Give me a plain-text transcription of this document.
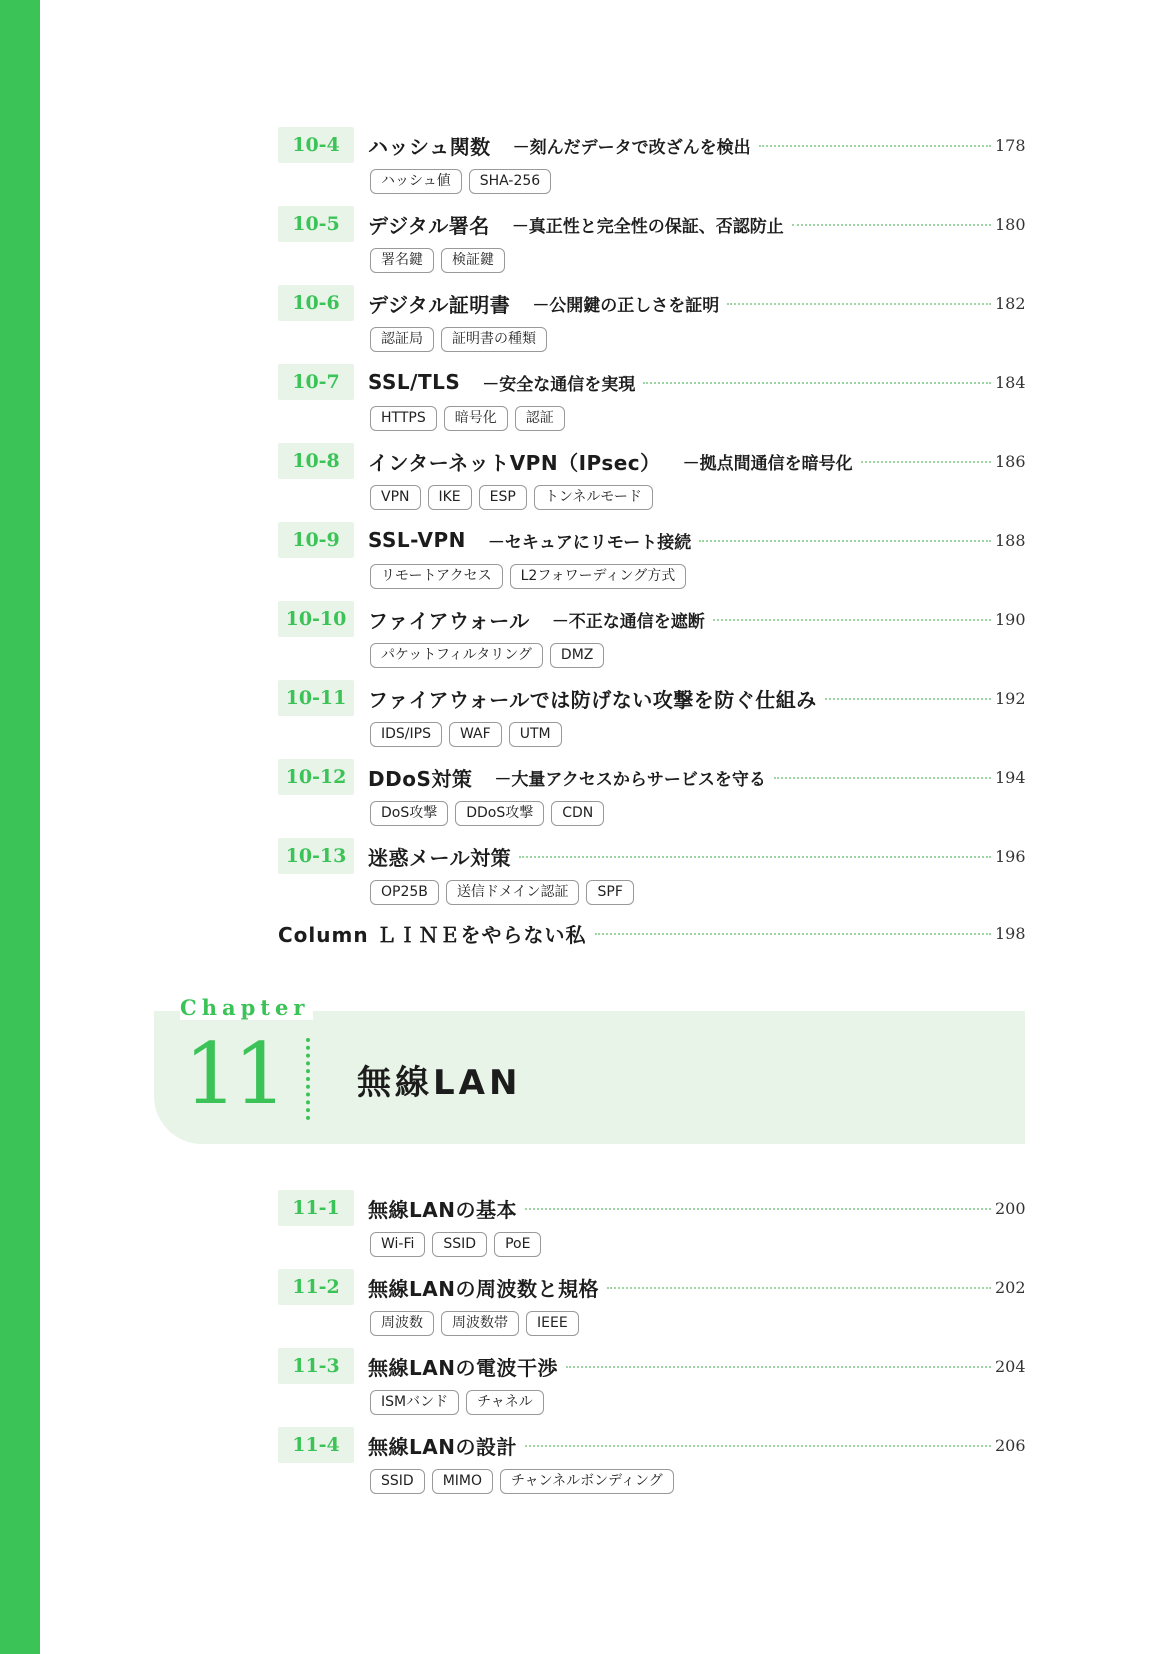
10-4	ハッシュ関数 －刻んだデータで改ざんを検出	178
ハッシュ値	SHA-256
10-5	デジタル署名 －真正性と完全性の保証、否認防止	180
署名鍵	検証鍵
10-6	デジタル証明書 －公開鍵の正しさを証明	182
認証局	証明書の種類
10-7	SSL/TLS －安全な通信を実現	184
HTTPS	暗号化	認証
10-8	インターネットVPN（IPsec） －拠点間通信を暗号化	186
VPN	IKE	ESP	トンネルモード
10-9	SSL-VPN －セキュアにリモート接続	188
リモートアクセス	L2フォワーディング方式
10-10	ファイアウォール －不正な通信を遮断	190
パケットフィルタリング	DMZ
10-11	ファイアウォールでは防げない攻撃を防ぐ仕組み	192
IDS/IPS	WAF	UTM
10-12	DDoS対策 －大量アクセスからサービスを守る	194
DoS攻撃	DDoS攻撃	CDN
10-13	迷惑メール対策	196
OP25B	送信ドメイン認証	SPF
Column ＬＩＮＥをやらない私	198
Chapter
11 無線LAN
11-1	無線LANの基本	200
Wi-Fi	SSID	PoE
11-2	無線LANの周波数と規格	202
周波数	周波数帯	IEEE
11-3	無線LANの電波干渉	204
ISMバンド	チャネル
11-4	無線LANの設計	206
SSID	MIMO	チャンネルボンディング
